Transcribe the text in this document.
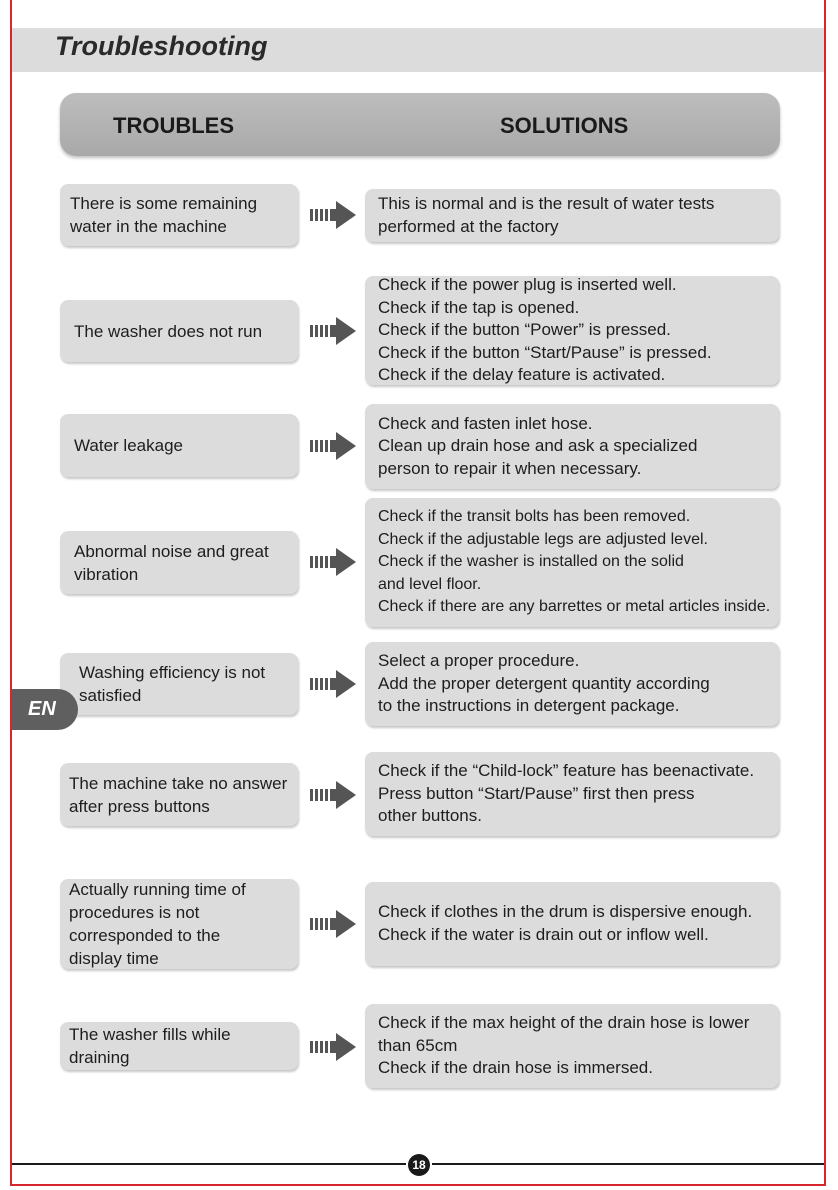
Troubleshooting
TROUBLES	SOLUTIONS
There is some remaining
water in the machine
This is normal and is the result of water tests
performed at the factory
The washer does not run
Check if the power plug is inserted well.
Check if the tap is opened.
Check if the button “Power” is pressed.
Check if the button “Start/Pause” is pressed.
Check if the delay feature is activated.
Water leakage
Check and fasten inlet hose.
Clean up drain hose and ask a specialized
person to repair it when necessary.
Abnormal noise and great
vibration
Check if the transit bolts has been removed.
Check if the adjustable legs are adjusted level.
Check if the washer is installed on the solid
and level floor.
Check if there are any barrettes or metal articles inside.
Washing efficiency is not
satisfied
Select a proper procedure.
Add the proper detergent quantity according
to the instructions in detergent package.
The machine take no answer
after press buttons
Check if the “Child-lock” feature has beenactivate.
Press button “Start/Pause” first then press
other buttons.
Actually running time of
procedures is not
corresponded to the
display time
Check if clothes in the drum is dispersive enough.
Check if the water is drain out or inflow well.
The washer fills while
draining
Check if the max height of the drain hose is lower
than 65cm
Check if the drain hose is immersed.
EN
18
